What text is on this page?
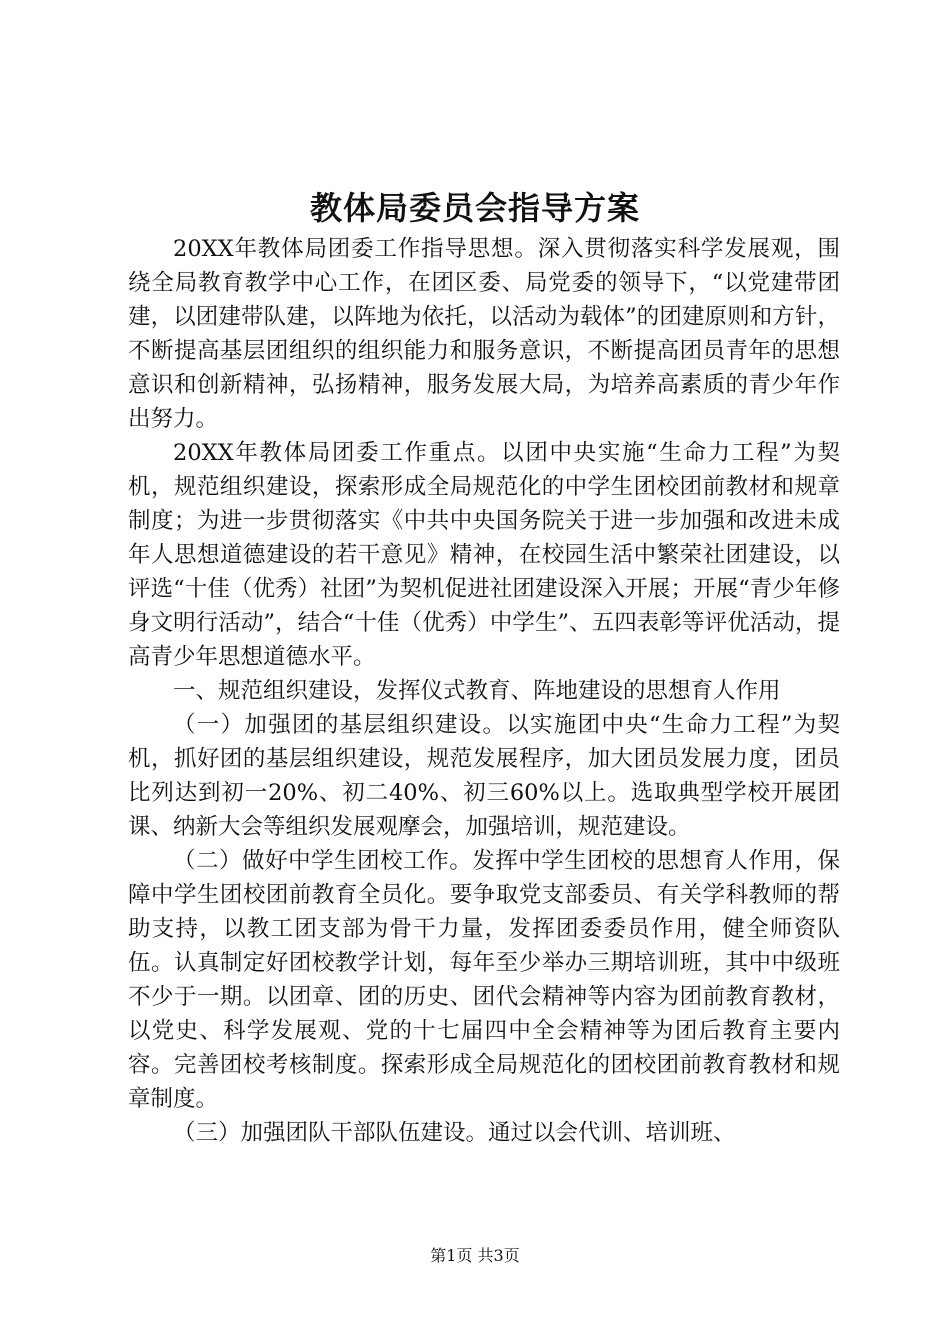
教体局委员会指导方案

20XX年教体局团委工作指导思想。深入贯彻落实科学发展观，围绕全局教育教学中心工作，在团区委、局党委的领导下，“以党建带团建，以团建带队建，以阵地为依托，以活动为载体”的团建原则和方针，不断提高基层团组织的组织能力和服务意识，不断提高团员青年的思想意识和创新精神，弘扬精神，服务发展大局，为培养高素质的青少年作出努力。

20XX年教体局团委工作重点。以团中央实施“生命力工程”为契机，规范组织建设，探索形成全局规范化的中学生团校团前教材和规章制度；为进一步贯彻落实《中共中央国务院关于进一步加强和改进未成年人思想道德建设的若干意见》精神，在校园生活中繁荣社团建设，以评选“十佳（优秀）社团”为契机促进社团建设深入开展；开展“青少年修身文明行活动”，结合“十佳（优秀）中学生”、五四表彰等评优活动，提高青少年思想道德水平。

一、规范组织建设，发挥仪式教育、阵地建设的思想育人作用

（一）加强团的基层组织建设。以实施团中央“生命力工程”为契机，抓好团的基层组织建设，规范发展程序，加大团员发展力度，团员比列达到初一20%、初二40%、初三60%以上。选取典型学校开展团课、纳新大会等组织发展观摩会，加强培训，规范建设。

（二）做好中学生团校工作。发挥中学生团校的思想育人作用，保障中学生团校团前教育全员化。要争取党支部委员、有关学科教师的帮助支持，以教工团支部为骨干力量，发挥团委委员作用，健全师资队伍。认真制定好团校教学计划，每年至少举办三期培训班，其中中级班不少于一期。以团章、团的历史、团代会精神等内容为团前教育教材，以党史、科学发展观、党的十七届四中全会精神等为团后教育主要内容。完善团校考核制度。探索形成全局规范化的团校团前教育教材和规章制度。

（三）加强团队干部队伍建设。通过以会代训、培训班、

第1页 共3页
